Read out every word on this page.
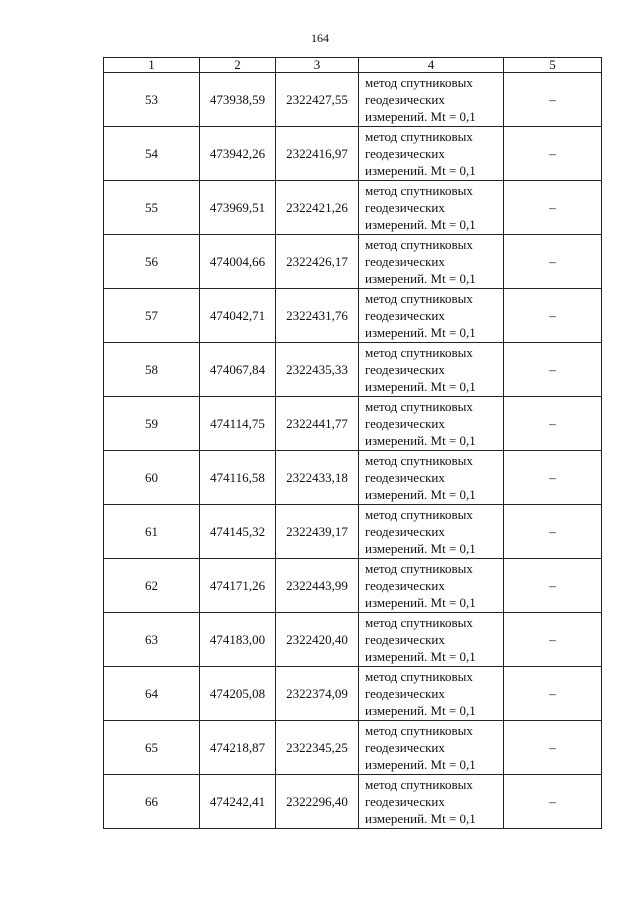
164
1	2	3	4	5
53	473938,59	2322427,55	метод спутниковых
геодезических
измерений. Mt = 0,1	–
54	473942,26	2322416,97	метод спутниковых
геодезических
измерений. Mt = 0,1	–
55	473969,51	2322421,26	метод спутниковых
геодезических
измерений. Mt = 0,1	–
56	474004,66	2322426,17	метод спутниковых
геодезических
измерений. Mt = 0,1	–
57	474042,71	2322431,76	метод спутниковых
геодезических
измерений. Mt = 0,1	–
58	474067,84	2322435,33	метод спутниковых
геодезических
измерений. Mt = 0,1	–
59	474114,75	2322441,77	метод спутниковых
геодезических
измерений. Mt = 0,1	–
60	474116,58	2322433,18	метод спутниковых
геодезических
измерений. Mt = 0,1	–
61	474145,32	2322439,17	метод спутниковых
геодезических
измерений. Mt = 0,1	–
62	474171,26	2322443,99	метод спутниковых
геодезических
измерений. Mt = 0,1	–
63	474183,00	2322420,40	метод спутниковых
геодезических
измерений. Mt = 0,1	–
64	474205,08	2322374,09	метод спутниковых
геодезических
измерений. Mt = 0,1	–
65	474218,87	2322345,25	метод спутниковых
геодезических
измерений. Mt = 0,1	–
66	474242,41	2322296,40	метод спутниковых
геодезических
измерений. Mt = 0,1	–
